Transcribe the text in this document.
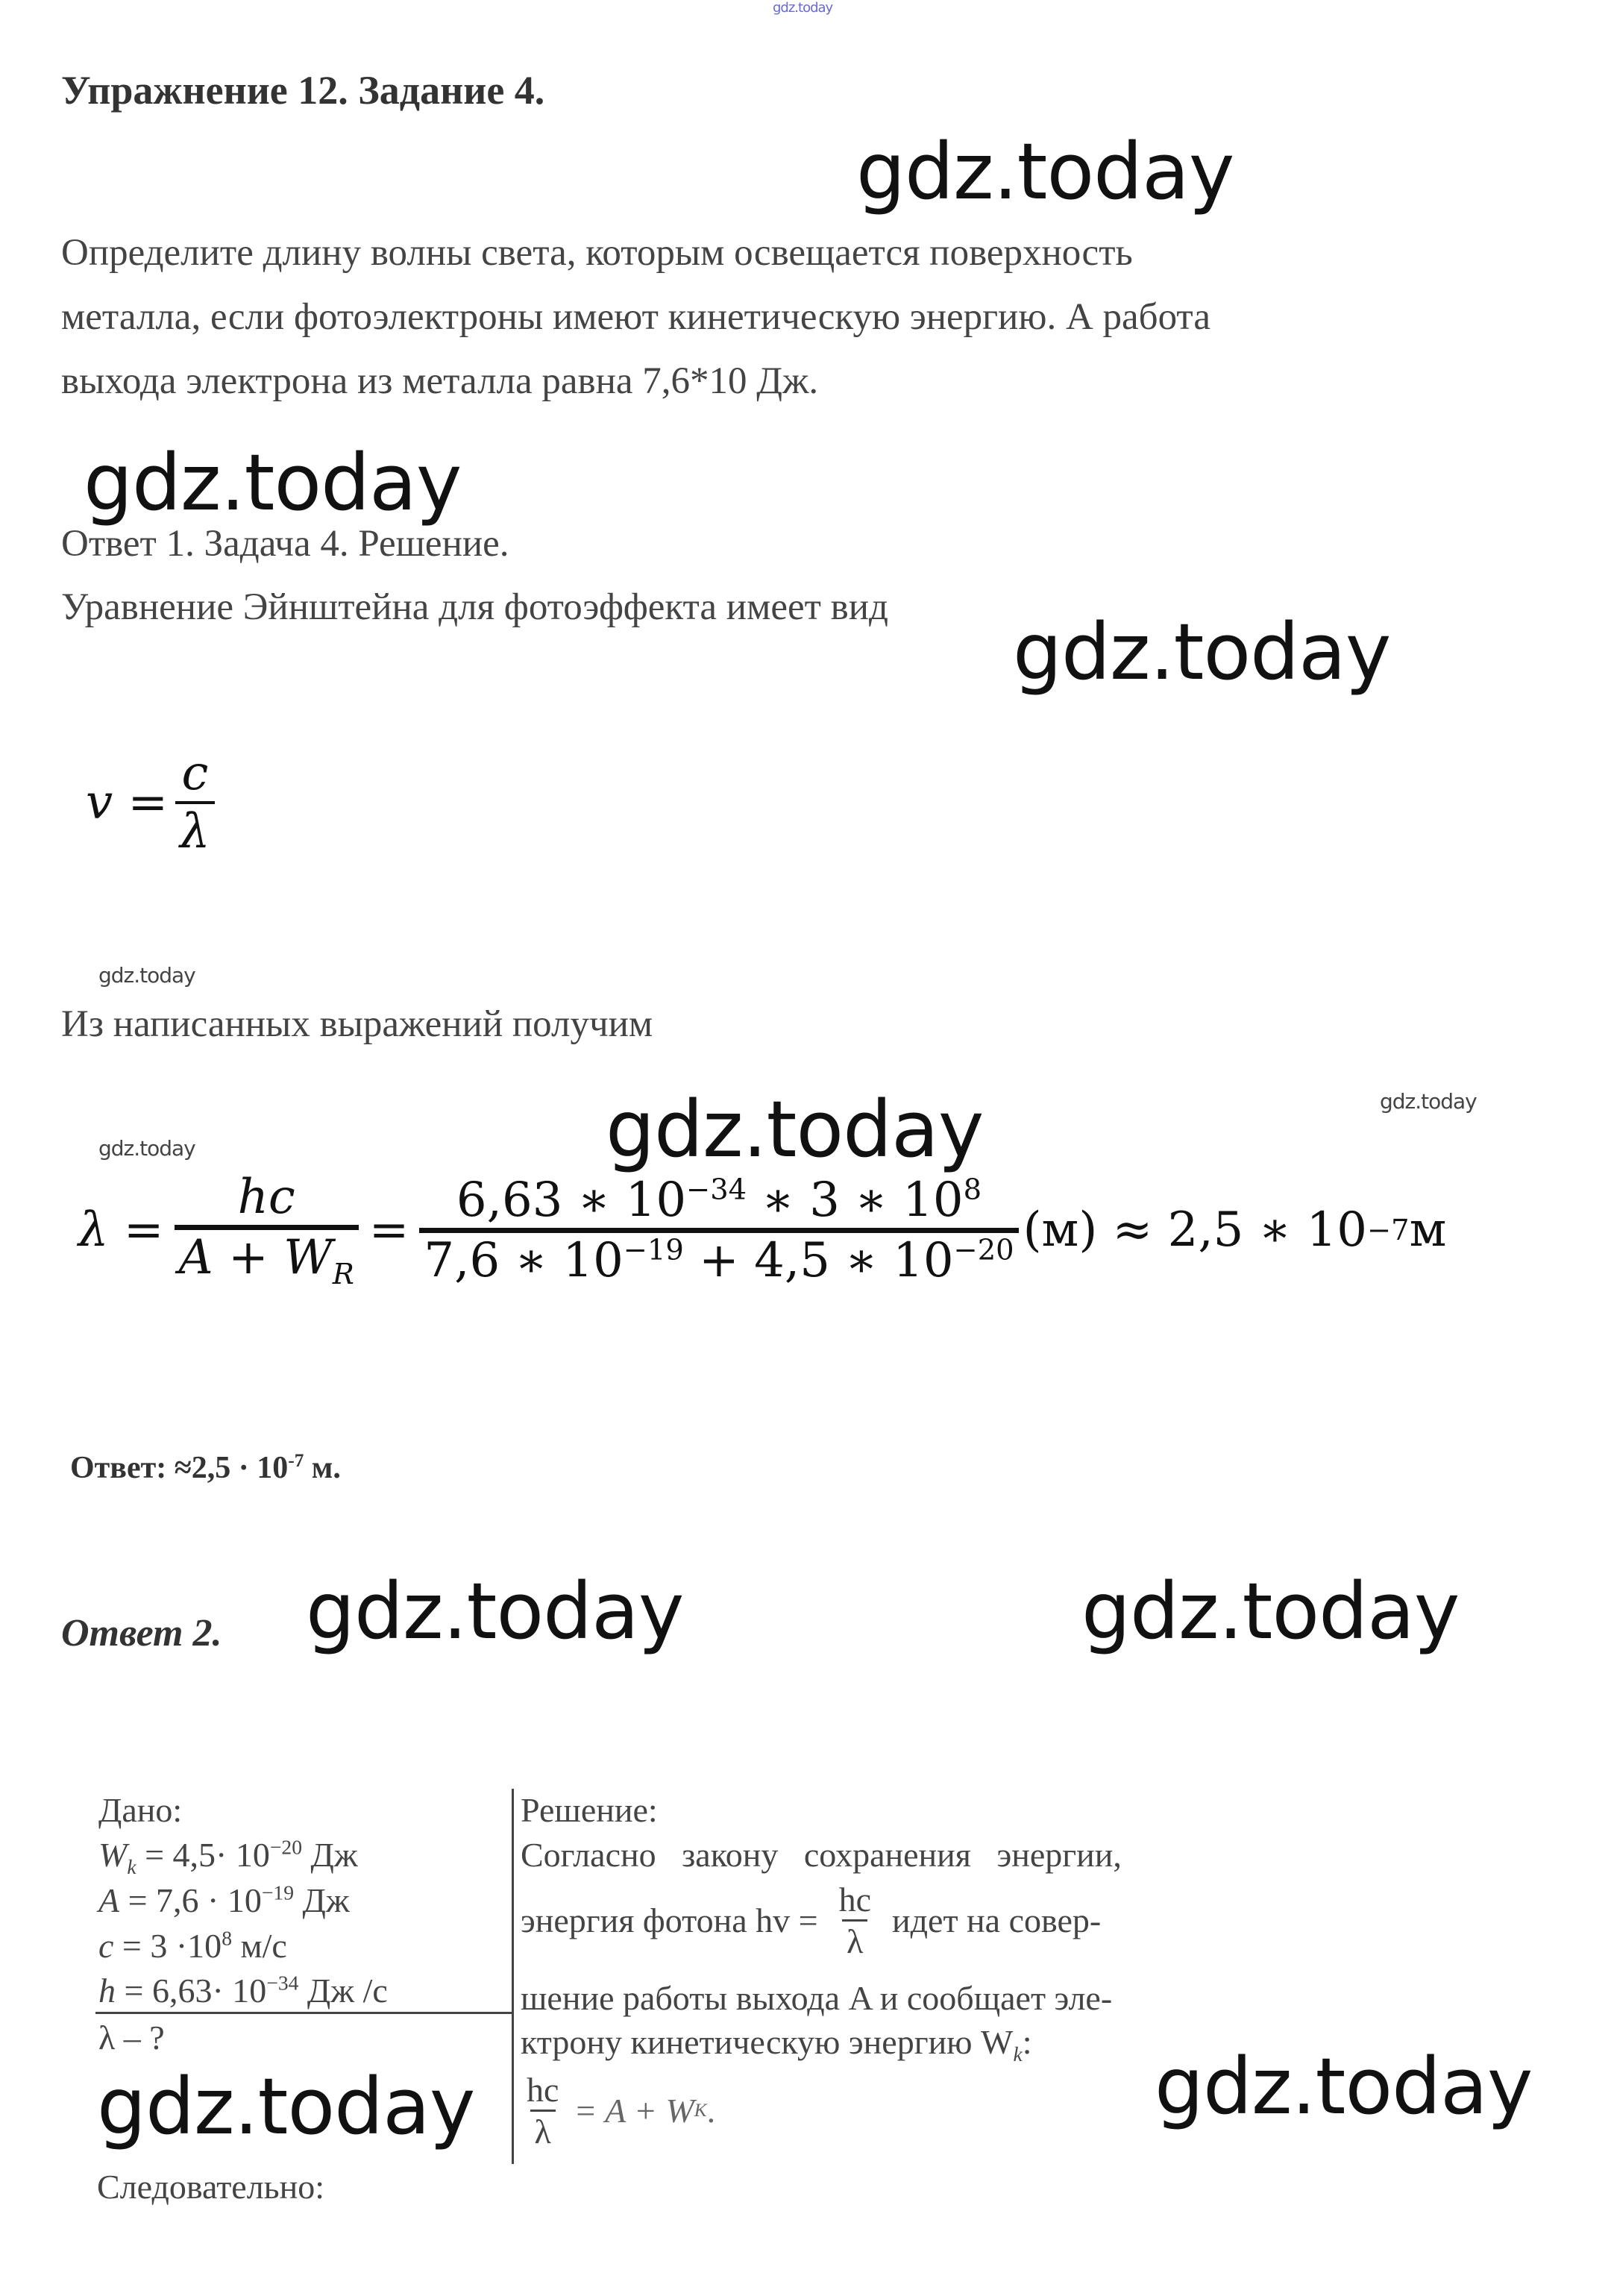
gdz.today
gdz.today
gdz.today
gdz.today
gdz.today
gdz.today	gdz.today
gdz.today
gdz.today	gdz.today
gdz.today	gdz.today
Упражнение 12. Задание 4.
Определите длину волны света, которым освещается поверхность
металла, если фотоэлектроны имеют кинетическую энергию. А работа
выхода электрона из металла равна 7,6*10 Дж.
Ответ 1. Задача 4. Решение.
Уравнение Эйнштейна для фотоэффекта имеет вид
$v = \frac{c}{\lambda}$
Из написанных выражений получим
$\lambda = \frac{hc}{A + W_R} = \frac{6,63 ∗ 10^{-34} ∗ 3 ∗ 10^8}{7,6 ∗ 10^{-19} + 4,5 ∗ 10^{-20}} (м) \approx 2,5$ ∗ 10 −7 м
Ответ: $\approx 2,5 \cdot 10^{-7}$ м.
Ответ 2.
Дано:
$W_k = 4,5\cdot 10^{-20}$ Дж
$A = 7,6 \cdot 10^{-19}$ Дж
$c = 3 \cdot 10^8$ м/с
$h = 6,63\cdot 10^{-34}$ Дж /с
λ – ?
Решение:
Согласно   закону   сохранения   энергии,
энергия фотона hv = $\frac{hc}{\lambda}$ идет на совер-
шение работы выхода A и сообщает эле-
ктрону кинетическую энергию $W_k$:
$\frac{hc}{\lambda} = A + W$ K .
Следовательно:
